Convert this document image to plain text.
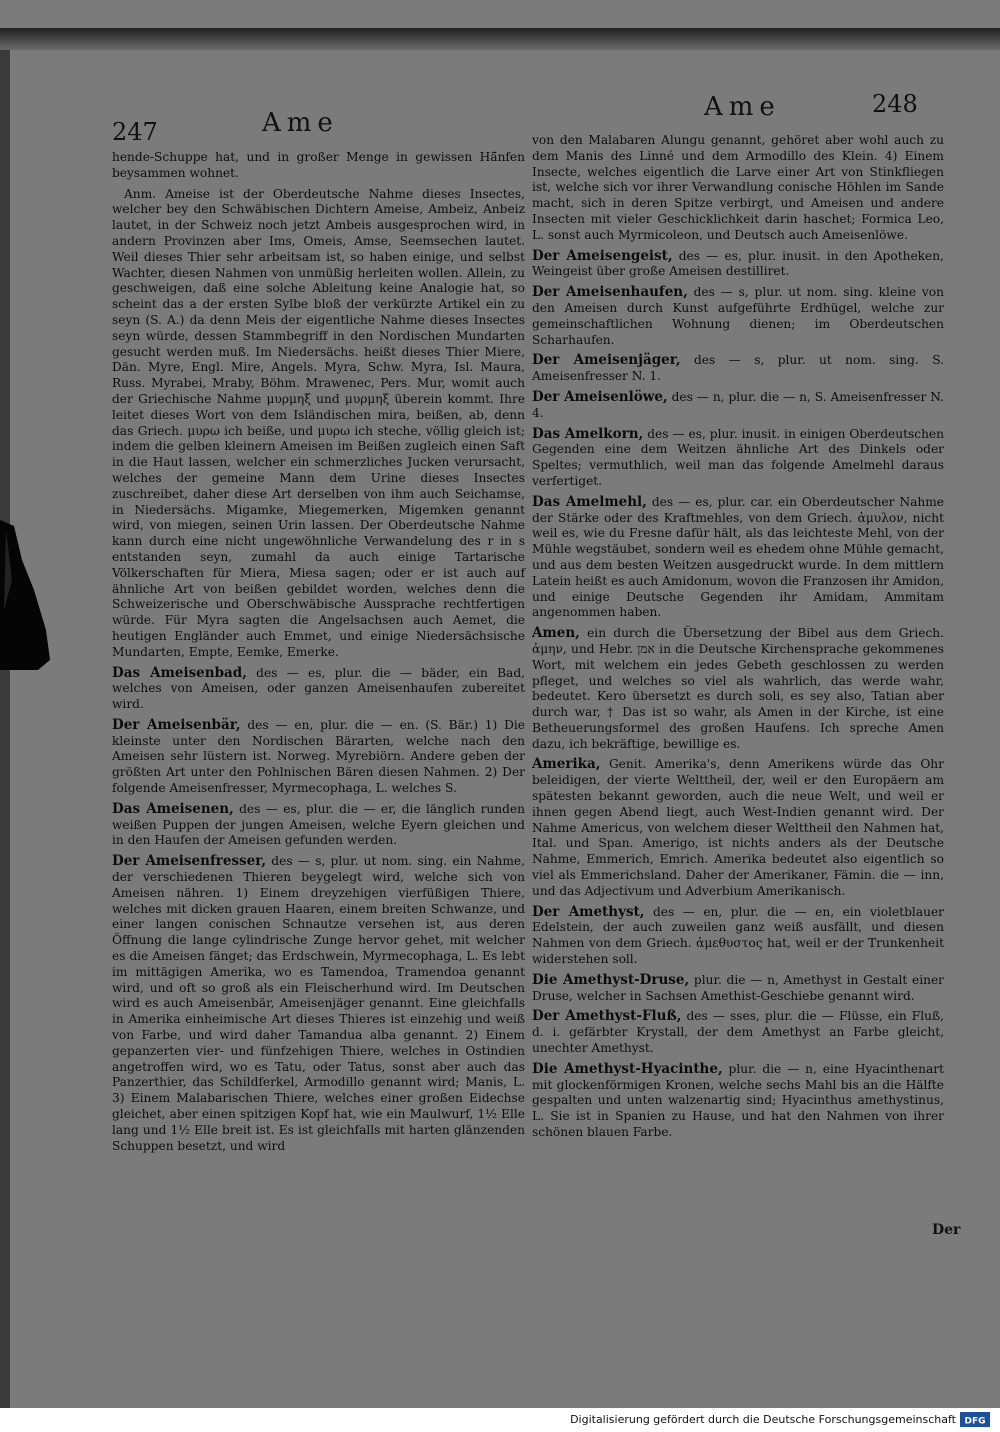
247	Ame
Ame	248

hende-Schuppe hat, und in großer Menge in gewissen Hä̈nfen beysammen wohnet.

Anm. Ameise ist der Oberdeutsche Nahme dieses Insectes, welcher bey den Schwäbischen Dichtern Ameise, Ambeiz, Anbeiz lautet, in der Schweiz noch jetzt Ambeis ausgesprochen wird, in andern Provinzen aber Ims, Omeis, Amse, Seemsechen lautet. Weil dieses Thier sehr arbeitsam ist, so haben einige, und selbst Wachter, diesen Nahmen von unmüßig herleiten wollen. Allein, zu geschweigen, daß eine solche Ableitung keine Analogie hat, so scheint das a der ersten Sylbe bloß der verkürzte Artikel ein zu seyn (S. A.) da denn Meis der eigentliche Nahme dieses Insectes seyn würde, dessen Stammbegriff in den Nordischen Mundarten gesucht werden muß. Im Niedersächs. heißt dieses Thier Miere, Dän. Myre, Engl. Mire, Angels. Myra, Schw. Myra, Isl. Maura, Russ. Myrabei, Mraby, Böhm. Mrawenec, Pers. Mur, womit auch der Griechische Nahme μυρμηξ und μυρμηξ überein kommt. Ihre leitet dieses Wort von dem Isländischen mira, beißen, ab, denn das Griech. μυρω ich beiße, und μυρω ich steche, völlig gleich ist; indem die gelben kleinern Ameisen im Beißen zugleich einen Saft in die Haut lassen, welcher ein schmerzliches Jucken verursacht, welches der gemeine Mann dem Urine dieses Insectes zuschreibet, daher diese Art derselben von ihm auch Seichamse, in Niedersächs. Migamke, Miegemerken, Migemken genannt wird, von miegen, seinen Urin lassen. Der Oberdeutsche Nahme kann durch eine nicht ungewöhnliche Verwandelung des r in s entstanden seyn, zumahl da auch einige Tartarische Völkerschaften für Miera, Miesa sagen; oder er ist auch auf ähnliche Art von beißen gebildet worden, welches denn die Schweizerische und Oberschwäbische Aussprache rechtfertigen würde. Für Myra sagten die Angelsachsen auch Aemet, die heutigen Engländer auch Emmet, und einige Niedersächsische Mundarten, Empte, Eemke, Emerke.

Das Ameisenbad, des — es, plur. die — bäder, ein Bad, welches von Ameisen, oder ganzen Ameisenhaufen zubereitet wird.

Der Ameisenbär, des — en, plur. die — en. (S. Bär.) 1) Die kleinste unter den Nordischen Bärarten, welche nach den Ameisen sehr lüstern ist. Norweg. Myrebiörn. Andere geben der größten Art unter den Pohlnischen Bären diesen Nahmen. 2) Der folgende Ameisenfresser, Myrmecophaga, L. welches S.

Das Ameisenen, des — es, plur. die — er, die länglich runden weißen Puppen der jungen Ameisen, welche Eyern gleichen und in den Haufen der Ameisen gefunden werden.

Der Ameisenfresser, des — s, plur. ut nom. sing. ein Nahme, der verschiedenen Thieren beygelegt wird, welche sich von Ameisen nähren. 1) Einem dreyzehigen vierfüßigen Thiere, welches mit dicken grauen Haaren, einem breiten Schwanze, und einer langen conischen Schnautze versehen ist, aus deren Öffnung die lange cylindrische Zunge hervor gehet, mit welcher es die Ameisen fänget; das Erdschwein, Myrmecophaga, L. Es lebt im mittägigen Amerika, wo es Tamendoa, Tramendoa genannt wird, und oft so groß als ein Fleischerhund wird. Im Deutschen wird es auch Ameisenbär, Ameisenjäger genannt. Eine gleichfalls in Amerika einheimische Art dieses Thieres ist einzehig und weiß von Farbe, und wird daher Tamandua alba genannt. 2) Einem gepanzerten vier- und fünfzehigen Thiere, welches in Ostindien angetroffen wird, wo es Tatu, oder Tatus, sonst aber auch das Panzerthier, das Schildferkel, Armodillo genannt wird; Manis, L. 3) Einem Malabarischen Thiere, welches einer großen Eidechse gleichet, aber einen spitzigen Kopf hat, wie ein Maulwurf, 1½ Elle lang und 1½ Elle breit ist. Es ist gleichfalls mit harten glänzenden Schuppen besetzt, und wird

von den Malabaren Alungu genannt, gehöret aber wohl auch zu dem Manis des Linné und dem Armodillo des Klein. 4) Einem Insecte, welches eigentlich die Larve einer Art von Stinkfliegen ist, welche sich vor ihrer Verwandlung conische Höhlen im Sande macht, sich in deren Spitze verbirgt, und Ameisen und andere Insecten mit vieler Geschicklichkeit darin haschet; Formica Leo, L. sonst auch Myrmicoleon, und Deutsch auch Ameisenlöwe.

Der Ameisengeist, des — es, plur. inusit. in den Apotheken, Weingeist über große Ameisen destilliret.

Der Ameisenhaufen, des — s, plur. ut nom. sing. kleine von den Ameisen durch Kunst aufgeführte Erdhügel, welche zur gemeinschaftlichen Wohnung dienen; im Oberdeutschen Scharhaufen.

Der Ameisenjäger, des — s, plur. ut nom. sing. S. Ameisenfresser N. 1.

Der Ameisenlöwe, des — n, plur. die — n, S. Ameisenfresser N. 4.

Das Amelkorn, des — es, plur. inusit. in einigen Oberdeutschen Gegenden eine dem Weitzen ähnliche Art des Dinkels oder Speltes; vermuthlich, weil man das folgende Amelmehl daraus verfertiget.

Das Amelmehl, des — es, plur. car. ein Oberdeutscher Nahme der Stärke oder des Kraftmehles, von dem Griech. ἀμυλον, nicht weil es, wie du Fresne dafür hält, als das leichteste Mehl, von der Mühle wegstäubet, sondern weil es ehedem ohne Mühle gemacht, und aus dem besten Weitzen ausgedruckt wurde. In dem mittlern Latein heißt es auch Amidonum, wovon die Franzosen ihr Amidon, und einige Deutsche Gegenden ihr Amidam, Ammitam angenommen haben.

Amen, ein durch die Übersetzung der Bibel aus dem Griech. ἀμην, und Hebr. אמן in die Deutsche Kirchensprache gekommenes Wort, mit welchem ein jedes Gebeth geschlossen zu werden pfleget, und welches so viel als wahrlich, das werde wahr, bedeutet. Kero übersetzt es durch soli, es sey also, Tatian aber durch war, † Das ist so wahr, als Amen in der Kirche, ist eine Betheuerungsformel des großen Haufens. Ich spreche Amen dazu, ich bekräftige, bewillige es.

Amerika, Genit. Amerika's, denn Amerikens würde das Ohr beleidigen, der vierte Welttheil, der, weil er den Europäern am spätesten bekannt geworden, auch die neue Welt, und weil er ihnen gegen Abend liegt, auch West-Indien genannt wird. Der Nahme Americus, von welchem dieser Welttheil den Nahmen hat, Ital. und Span. Amerigo, ist nichts anders als der Deutsche Nahme, Emmerich, Emrich. Amerika bedeutet also eigentlich so viel als Emmerichsland. Daher der Amerikaner, Fämin. die — inn, und das Adjectivum und Adverbium Amerikanisch.

Der Amethyst, des — en, plur. die — en, ein violetblauer Edelstein, der auch zuweilen ganz weiß ausfällt, und diesen Nahmen von dem Griech. ἀμεθυστος hat, weil er der Trunkenheit widerstehen soll.

Die Amethyst-Druse, plur. die — n, Amethyst in Gestalt einer Druse, welcher in Sachsen Amethist-Geschiebe genannt wird.

Der Amethyst-Fluß, des — sses, plur. die — Flüsse, ein Fluß, d. i. gefärbter Krystall, der dem Amethyst an Farbe gleicht, unechter Amethyst.

Die Amethyst-Hyacinthe, plur. die — n, eine Hyacinthenart mit glockenförmigen Kronen, welche sechs Mahl bis an die Hälfte gespalten und unten walzenartig sind; Hyacinthus amethystinus, L. Sie ist in Spanien zu Hause, und hat den Nahmen von ihrer schönen blauen Farbe.

Der
Digitalisierung gefördert durch die Deutsche Forschungsgemeinschaft DFG
